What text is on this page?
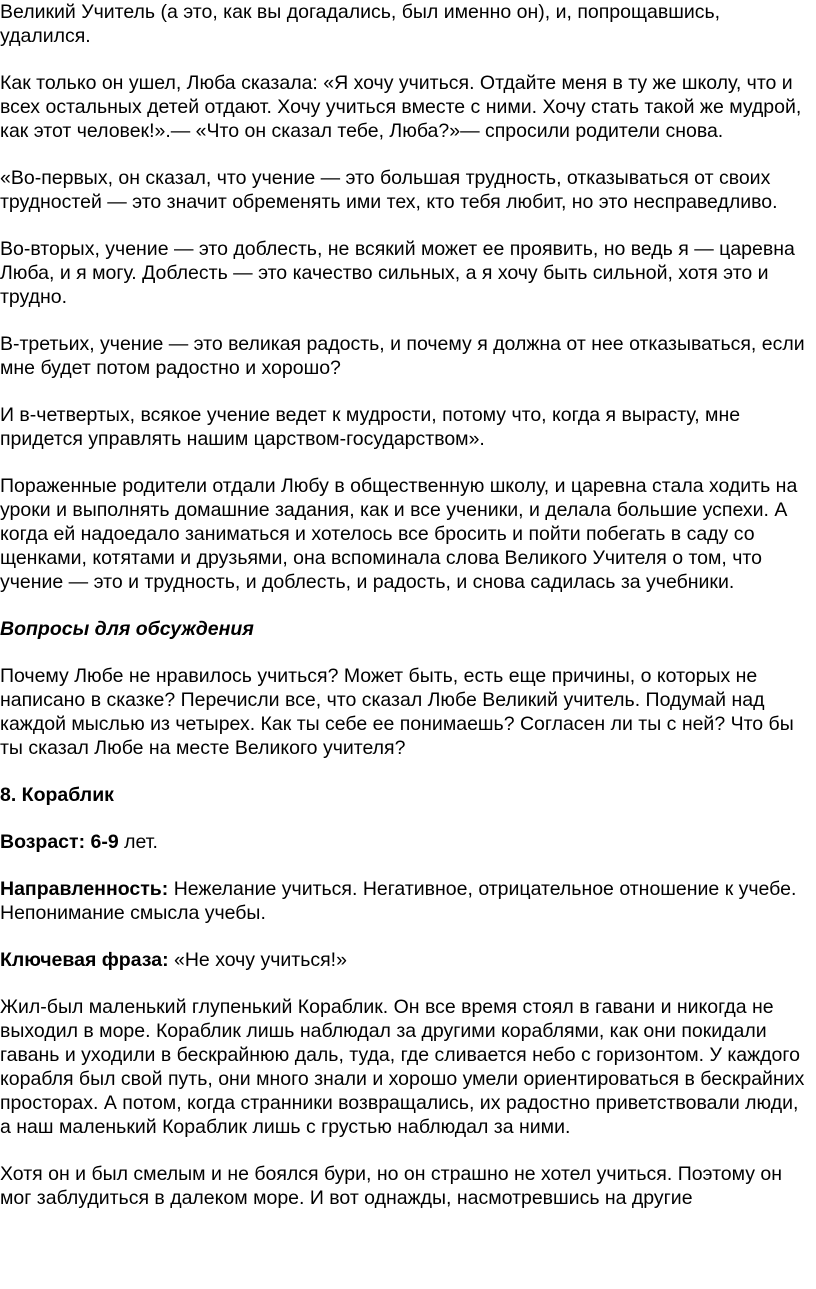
Великий Учитель (а это, как вы догадались, был именно он), и, попрощавшись, удалился.

Как только он ушел, Люба сказала: «Я хочу учиться. Отдайте меня в ту же школу, что и всех остальных детей отдают. Хочу учиться вместе с ними. Хочу стать такой же мудрой, как этот человек!».— «Что он сказал тебе, Люба?»— спросили родители снова.

«Во-первых, он сказал, что учение — это большая трудность, отказываться от своих трудностей — это значит обременять ими тех, кто тебя любит, но это несправедливо.

Во-вторых, учение — это доблесть, не всякий может ее проявить, но ведь я — царевна Люба, и я могу. Доблесть — это качество сильных, а я хочу быть сильной, хотя это и трудно.

В-третьих, учение — это великая радость, и почему я должна от нее отказываться, если мне будет потом радостно и хорошо?

И в-четвертых, всякое учение ведет к мудрости, потому что, когда я вырасту, мне придется управлять нашим царством-государством».

Пораженные родители отдали Любу в общественную школу, и царевна стала ходить на уроки и выполнять домашние задания, как и все ученики, и делала большие успехи. А когда ей надоедало заниматься и хотелось все бросить и пойти побегать в саду со щенками, котятами и друзьями, она вспоминала слова Великого Учителя о том, что учение — это и трудность, и доблесть, и радость, и снова садилась за учебники.

Вопросы для обсуждения

Почему Любе не нравилось учиться? Может быть, есть еще причины, о которых не написано в сказке? Перечисли все, что сказал Любе Великий учитель. Подумай над каждой мыслью из четырех. Как ты себе ее понимаешь? Согласен ли ты с ней? Что бы ты сказал Любе на месте Великого учителя?

8. Кораблик

Возраст: 6-9 лет.

Направленность: Нежелание учиться. Негативное, отрицательное отношение к учебе. Непонимание смысла учебы.

Ключевая фраза: «Не хочу учиться!»

Жил-был маленький глупенький Кораблик. Он все время стоял в гавани и никогда не выходил в море. Кораблик лишь наблюдал за другими кораблями, как они покидали гавань и уходили в бескрайнюю даль, туда, где сливается небо с горизонтом. У каждого корабля был свой путь, они много знали и хорошо умели ориентироваться в бескрайних просторах. А потом, когда странники возвращались, их радостно приветствовали люди, а наш маленький Кораблик лишь с грустью наблюдал за ними.

Хотя он и был смелым и не боялся бури, но он страшно не хотел учиться. Поэтому он мог заблудиться в далеком море. И вот однажды, насмотревшись на другие
